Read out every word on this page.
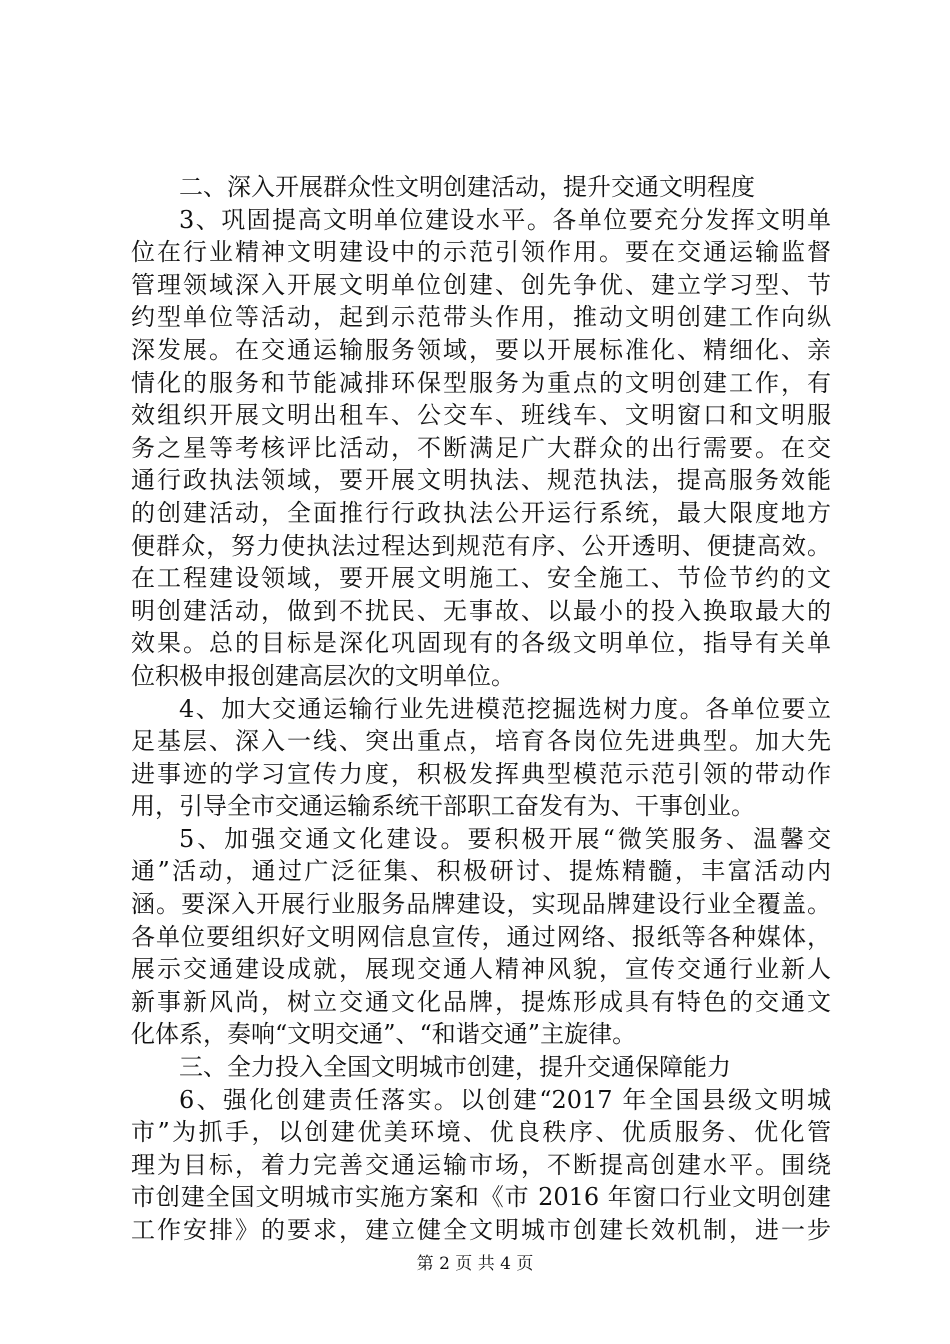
二、深入开展群众性文明创建活动，提升交通文明程度
3、巩固提高文明单位建设水平。各单位要充分发挥文明单
位在行业精神文明建设中的示范引领作用。要在交通运输监督
管理领域深入开展文明单位创建、创先争优、建立学习型、节
约型单位等活动，起到示范带头作用，推动文明创建工作向纵
深发展。在交通运输服务领域，要以开展标准化、精细化、亲
情化的服务和节能减排环保型服务为重点的文明创建工作，有
效组织开展文明出租车、公交车、班线车、文明窗口和文明服
务之星等考核评比活动，不断满足广大群众的出行需要。在交
通行政执法领域，要开展文明执法、规范执法，提高服务效能
的创建活动，全面推行行政执法公开运行系统，最大限度地方
便群众，努力使执法过程达到规范有序、公开透明、便捷高效。
在工程建设领域，要开展文明施工、安全施工、节俭节约的文
明创建活动，做到不扰民、无事故、以最小的投入换取最大的
效果。总的目标是深化巩固现有的各级文明单位，指导有关单
位积极申报创建高层次的文明单位。
4、加大交通运输行业先进模范挖掘选树力度。各单位要立
足基层、深入一线、突出重点，培育各岗位先进典型。加大先
进事迹的学习宣传力度，积极发挥典型模范示范引领的带动作
用，引导全市交通运输系统干部职工奋发有为、干事创业。
5、加强交通文化建设。要积极开展“微笑服务、温馨交
通”活动，通过广泛征集、积极研讨、提炼精髓，丰富活动内
涵。要深入开展行业服务品牌建设，实现品牌建设行业全覆盖。
各单位要组织好文明网信息宣传，通过网络、报纸等各种媒体，
展示交通建设成就，展现交通人精神风貌，宣传交通行业新人
新事新风尚，树立交通文化品牌，提炼形成具有特色的交通文
化体系，奏响“文明交通”、“和谐交通”主旋律。
三、全力投入全国文明城市创建，提升交通保障能力
6、强化创建责任落实。以创建“2017 年全国县级文明城
市”为抓手，以创建优美环境、优良秩序、优质服务、优化管
理为目标，着力完善交通运输市场，不断提高创建水平。围绕
市创建全国文明城市实施方案和《市 2016 年窗口行业文明创建
工作安排》的要求，建立健全文明城市创建长效机制，进一步
第 2 页 共 4 页
